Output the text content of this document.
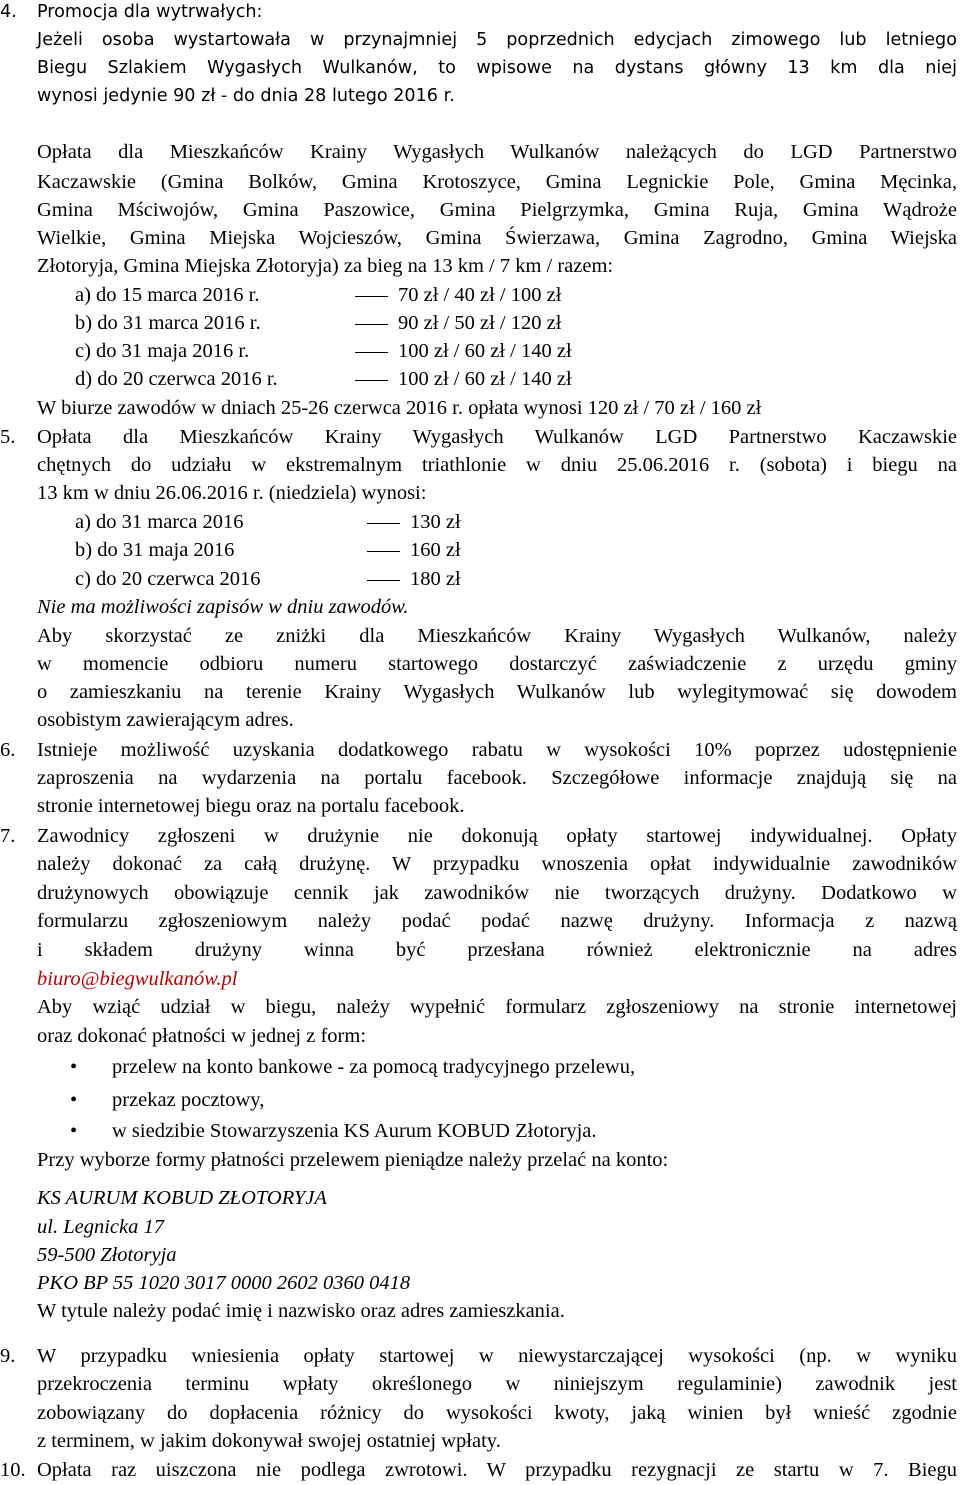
4. Promocja dla wytrwałych:
Jeżeli osoba wystartowała w przynajmniej 5 poprzednich edycjach zimowego lub letniego
Biegu Szlakiem Wygasłych Wulkanów, to wpisowe na dystans główny 13 km dla niej
wynosi jedynie 90 zł - do dnia 28 lutego 2016 r.
Opłata dla Mieszkańców Krainy Wygasłych Wulkanów należących do LGD Partnerstwo
Kaczawskie (Gmina Bolków, Gmina Krotoszyce, Gmina Legnickie Pole, Gmina Męcinka,
Gmina Mściwojów, Gmina Paszowice, Gmina Pielgrzymka, Gmina Ruja, Gmina Wądroże
Wielkie, Gmina Miejska Wojcieszów, Gmina Świerzawa, Gmina Zagrodno, Gmina Wiejska
Złotoryja, Gmina Miejska Złotoryja) za bieg na 13 km / 7 km / razem:
a) do 15 marca 2016 r.	70 zł / 40 zł / 100 zł
b) do 31 marca 2016 r.	90 zł / 50 zł / 120 zł
c) do 31 maja 2016 r.	100 zł / 60 zł / 140 zł
d) do 20 czerwca 2016 r.	100 zł / 60 zł / 140 zł
W biurze zawodów w dniach 25-26 czerwca 2016 r. opłata wynosi 120 zł / 70 zł / 160 zł
5. Opłata dla Mieszkańców Krainy Wygasłych Wulkanów LGD Partnerstwo Kaczawskie
chętnych do udziału w ekstremalnym triathlonie w dniu 25.06.2016 r. (sobota) i biegu na
13 km w dniu 26.06.2016 r. (niedziela) wynosi:
a) do 31 marca 2016	130 zł
b) do 31 maja 2016	160 zł
c) do 20 czerwca 2016	180 zł
Nie ma możliwości zapisów w dniu zawodów.
Aby skorzystać ze zniżki dla Mieszkańców Krainy Wygasłych Wulkanów, należy
w momencie odbioru numeru startowego dostarczyć zaświadczenie z urzędu gminy
o zamieszkaniu na terenie Krainy Wygasłych Wulkanów lub wylegitymować się dowodem
osobistym zawierającym adres.
6. Istnieje możliwość uzyskania dodatkowego rabatu w wysokości 10% poprzez udostępnienie
zaproszenia na wydarzenia na portalu facebook. Szczegółowe informacje znajdują się na
stronie internetowej biegu oraz na portalu facebook.
7. Zawodnicy zgłoszeni w drużynie nie dokonują opłaty startowej indywidualnej. Opłaty
należy dokonać za całą drużynę. W przypadku wnoszenia opłat indywidualnie zawodników
drużynowych obowiązuje cennik jak zawodników nie tworzących drużyny. Dodatkowo w
formularzu zgłoszeniowym należy podać podać nazwę drużyny. Informacja z nazwą
i składem drużyny winna być przesłana również elektronicznie na adres
biuro@biegwulkanów.pl
Aby wziąć udział w biegu, należy wypełnić formularz zgłoszeniowy na stronie internetowej
oraz dokonać płatności w jednej z form:
• przelew na konto bankowe - za pomocą tradycyjnego przelewu,
• przekaz pocztowy,
• w siedzibie Stowarzyszenia KS Aurum KOBUD Złotoryja.
Przy wyborze formy płatności przelewem pieniądze należy przelać na konto:
KS AURUM KOBUD ZŁOTORYJA
ul. Legnicka 17
59-500 Złotoryja
PKO BP 55 1020 3017 0000 2602 0360 0418
W tytule należy podać imię i nazwisko oraz adres zamieszkania.
9. W przypadku wniesienia opłaty startowej w niewystarczającej wysokości (np. w wyniku
przekroczenia terminu wpłaty określonego w niniejszym regulaminie) zawodnik jest
zobowiązany do dopłacenia różnicy do wysokości kwoty, jaką winien był wnieść zgodnie
z terminem, w jakim dokonywał swojej ostatniej wpłaty.
10. Opłata raz uiszczona nie podlega zwrotowi. W przypadku rezygnacji ze startu w 7. Biegu
